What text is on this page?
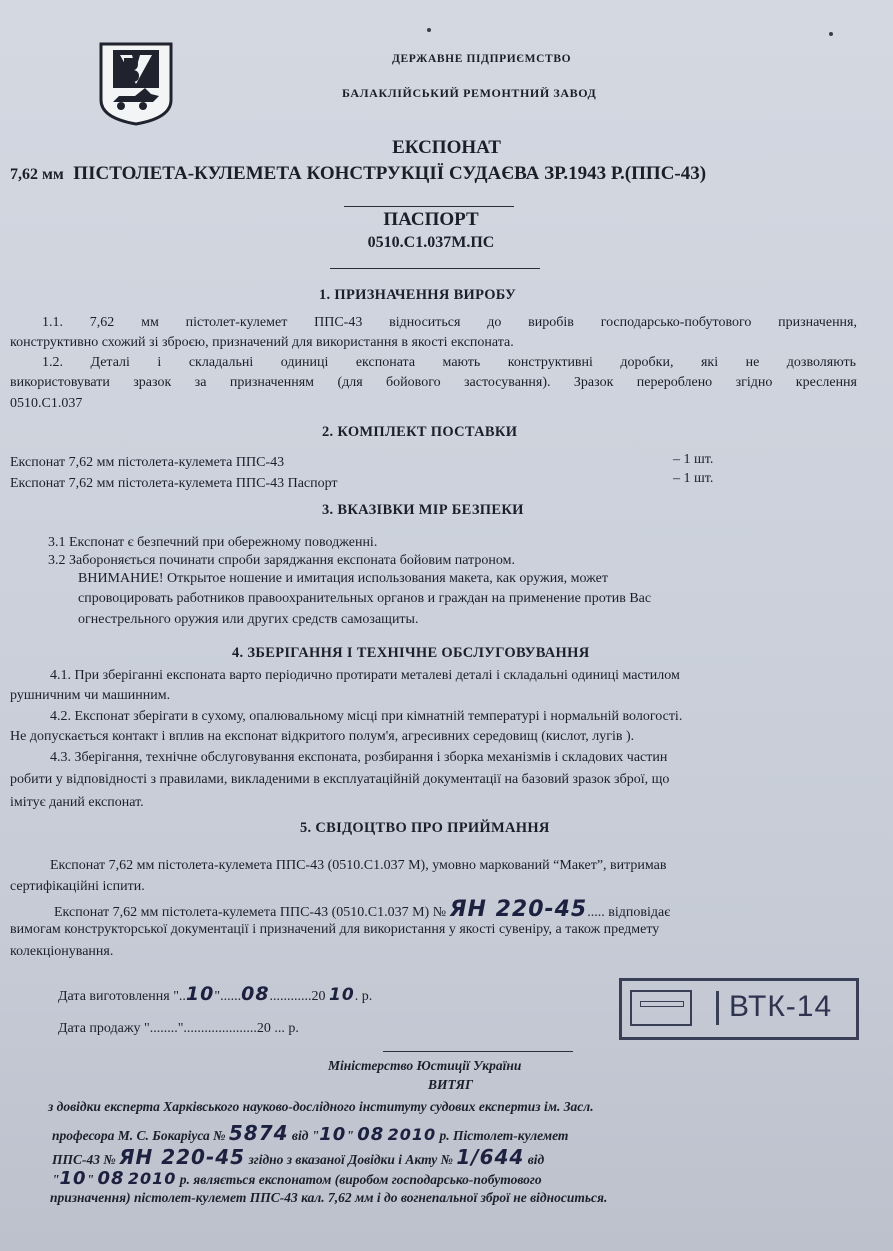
ДЕРЖАВНЕ ПІДПРИЄМСТВО
БАЛАКЛІЙСЬКИЙ РЕМОНТНИЙ ЗАВОД
ЕКСПОНАТ
7,62 мм ПІСТОЛЕТА-КУЛЕМЕТА КОНСТРУКЦІЇ СУДАЄВА ЗР.1943 Р.(ППС-43)
ПАСПОРТ
0510.С1.037М.ПС
1. ПРИЗНАЧЕННЯ ВИРОБУ
1.1. 7,62 мм пістолет-кулемет ППС-43 відноситься до виробів господарсько-побутового призначення,
конструктивно схожий зі зброєю, призначений для використання в якості експоната.
1.2. Деталі і складальні одиниці експоната мають конструктивні доробки, які не дозволяють
використовувати зразок за призначенням (для бойового застосування). Зразок перероблено згідно креслення
0510.С1.037
2. КОМПЛЕКТ ПОСТАВКИ
Експонат 7,62 мм пістолета-кулемета ППС-43	– 1 шт.
Експонат 7,62 мм пістолета-кулемета ППС-43 Паспорт	– 1 шт.
3. ВКАЗІВКИ МІР БЕЗПЕКИ
3.1 Експонат є безпечний при обережному поводженні.
3.2 Забороняється починати спроби заряджання експоната бойовим патроном.
ВНИМАНИЕ! Открытое ношение и имитация использования макета, как оружия, может
спровоцировать работников правоохранительных органов и граждан на применение против Вас
огнестрельного оружия или других средств самозащиты.
4. ЗБЕРІГАННЯ І ТЕХНІЧНЕ ОБСЛУГОВУВАННЯ
4.1. При зберіганні експоната варто періодично протирати металеві деталі і складальні одиниці мастилом
рушничним чи машинним.
4.2. Експонат зберігати в сухому, опалювальному місці при кімнатній температурі і нормальній вологості.
Не допускається контакт і вплив на експонат відкритого полум'я, агресивних середовищ (кислот, лугів ).
4.3. Зберігання, технічне обслуговування експоната, розбирання і зборка механізмів і складових частин
робити у відповідності з правилами, викладеними в експлуатаційній документації на базовий зразок зброї, що
імітує даний експонат.
5. СВІДОЦТВО ПРО ПРИЙМАННЯ
Експонат 7,62 мм пістолета-кулемета ППС-43 (0510.С1.037 М), умовно маркований “Макет”, витримав
сертифікаційні іспити.
Експонат 7,62 мм пістолета-кулемета ППС-43 (0510.С1.037 М) № ЯН 220-45..... відповідає
вимогам конструкторської документації і призначений для використання у якості сувеніру, а також предмету
колекціонування.
Дата виготовлення "..10"......08............20 10. р.
Дата продажу "........".....................20 ... р.
ВТК-14
Міністерство Юстиції України
ВИТЯГ
з довідки експерта Харківського науково-дослідного інституту судових експертиз ім. Засл.
професора М. С. Бокаріуса № 5874 від "10" 08 2010 р. Пістолет-кулемет
ППС-43 № ЯН 220-45 згідно з вказаної Довідки і Акту № 1/644 від
"10" 08 2010 р. являється експонатом (виробом господарсько-побутового
призначення) пістолет-кулемет ППС-43 кал. 7,62 мм і до вогнепальної зброї не відноситься.
